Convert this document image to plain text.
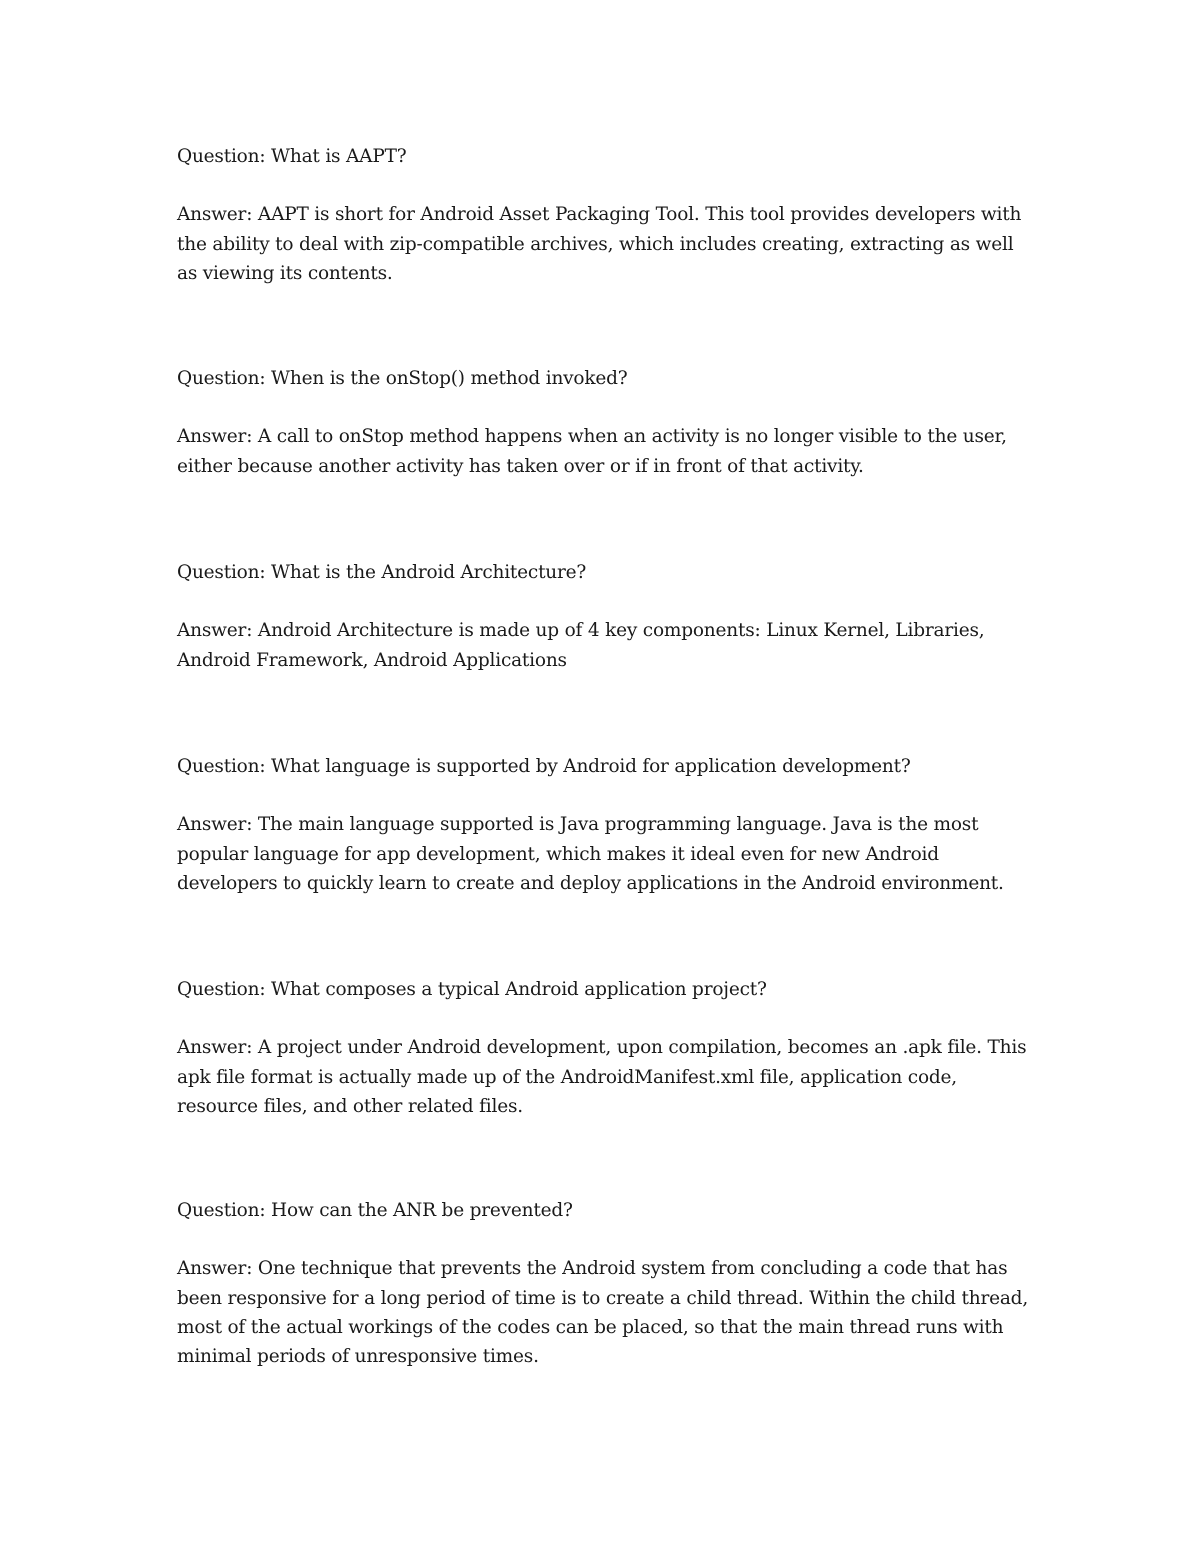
Question: What is AAPT?

Answer: AAPT is short for Android Asset Packaging Tool. This tool provides developers with
the ability to deal with zip-compatible archives, which includes creating, extracting as well
as viewing its contents.

Question: When is the onStop() method invoked?

Answer: A call to onStop method happens when an activity is no longer visible to the user,
either because another activity has taken over or if in front of that activity.

Question: What is the Android Architecture?

Answer: Android Architecture is made up of 4 key components: Linux Kernel, Libraries,
Android Framework, Android Applications

Question: What language is supported by Android for application development?

Answer: The main language supported is Java programming language. Java is the most
popular language for app development, which makes it ideal even for new Android
developers to quickly learn to create and deploy applications in the Android environment.

Question: What composes a typical Android application project?

Answer: A project under Android development, upon compilation, becomes an .apk file. This
apk file format is actually made up of the AndroidManifest.xml file, application code,
resource files, and other related files.

Question: How can the ANR be prevented?

Answer: One technique that prevents the Android system from concluding a code that has
been responsive for a long period of time is to create a child thread. Within the child thread,
most of the actual workings of the codes can be placed, so that the main thread runs with
minimal periods of unresponsive times.
